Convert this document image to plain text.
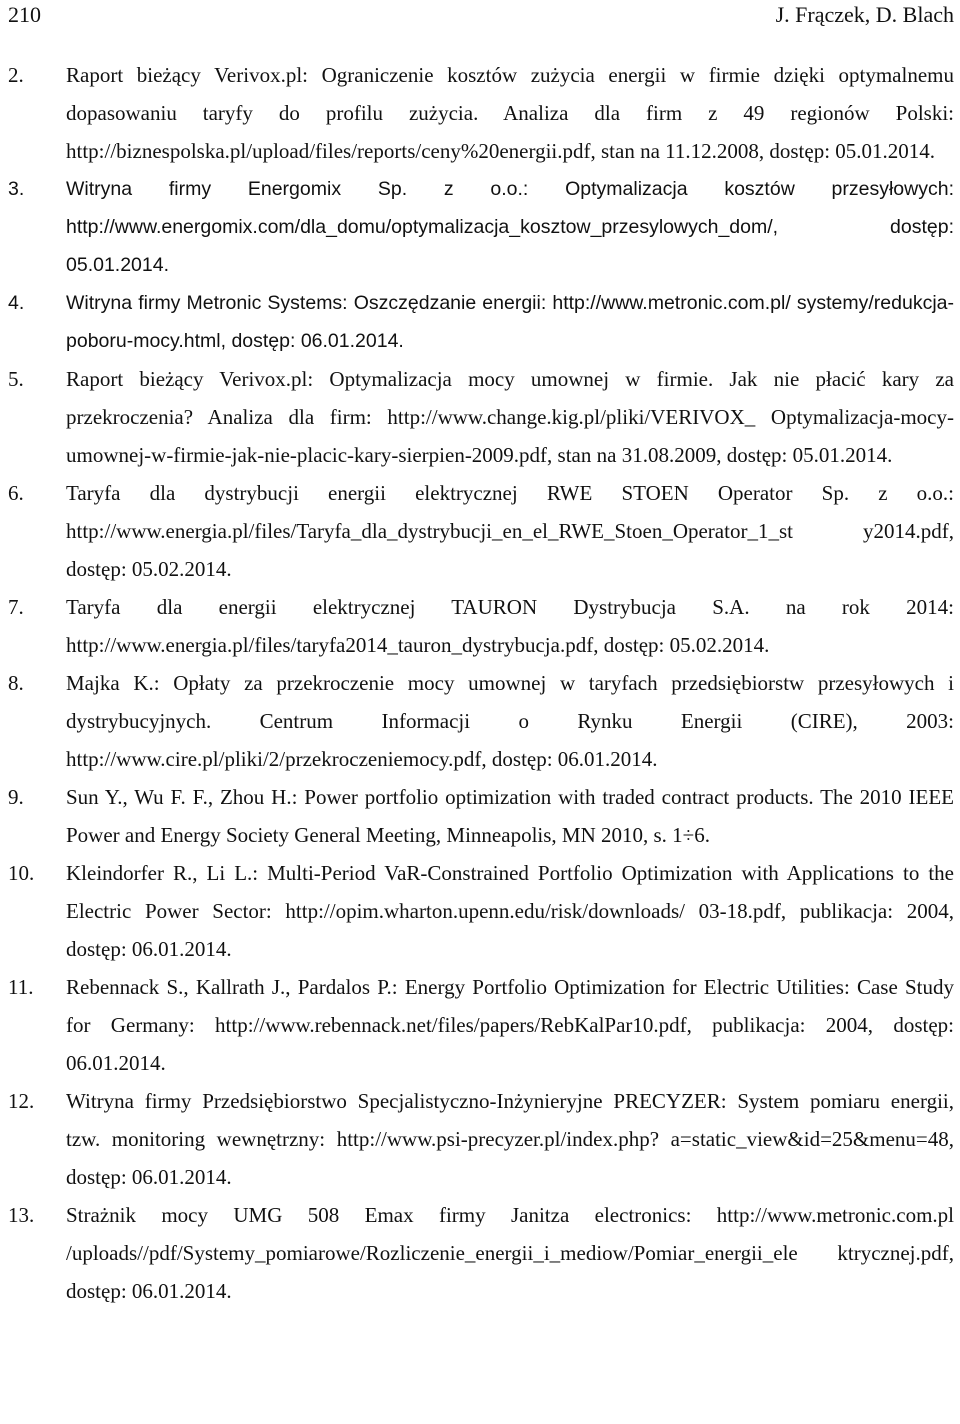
210	J. Frączek, D. Blach
2.	Raport bieżący Verivox.pl: Ograniczenie kosztów zużycia energii w firmie dzięki optymalnemu dopasowaniu taryfy do profilu zużycia. Analiza dla firm z 49 regionów Polski: http://biznespolska.pl/upload/files/reports/ceny%20energii.pdf, stan na 11.12.2008, dostęp: 05.01.2014.
3.	Witryna firmy Energomix Sp. z o.o.: Optymalizacja kosztów przesyłowych: http://www.energomix.com/dla_domu/optymalizacja_kosztow_przesylowych_dom/, dostęp: 05.01.2014.
4.	Witryna firmy Metronic Systems: Oszczędzanie energii: http://www.metronic.com.pl/ systemy/redukcja-poboru-mocy.html, dostęp: 06.01.2014.
5.	Raport bieżący Verivox.pl: Optymalizacja mocy umownej w firmie. Jak nie płacić kary za przekroczenia? Analiza dla firm: http://www.change.kig.pl/pliki/VERIVOX_ Optymalizacja-mocy-umownej-w-firmie-jak-nie-placic-kary-sierpien-2009.pdf, stan na 31.08.2009, dostęp: 05.01.2014.
6.	Taryfa dla dystrybucji energii elektrycznej RWE STOEN Operator Sp. z o.o.: http://www.energia.pl/files/Taryfa_dla_dystrybucji_en_el_RWE_Stoen_Operator_1_st y2014.pdf, dostęp: 05.02.2014.
7.	Taryfa dla energii elektrycznej TAURON Dystrybucja S.A. na rok 2014: http://www.energia.pl/files/taryfa2014_tauron_dystrybucja.pdf, dostęp: 05.02.2014.
8.	Majka K.: Opłaty za przekroczenie mocy umownej w taryfach przedsiębiorstw przesyłowych i dystrybucyjnych. Centrum Informacji o Rynku Energii (CIRE), 2003: http://www.cire.pl/pliki/2/przekroczeniemocy.pdf, dostęp: 06.01.2014.
9.	Sun Y., Wu F. F., Zhou H.: Power portfolio optimization with traded contract products. The 2010 IEEE Power and Energy Society General Meeting, Minneapolis, MN 2010, s. 1÷6.
10.	Kleindorfer R., Li L.: Multi-Period VaR-Constrained Portfolio Optimization with Applications to the Electric Power Sector: http://opim.wharton.upenn.edu/risk/downloads/ 03-18.pdf, publikacja: 2004, dostęp: 06.01.2014.
11.	Rebennack S., Kallrath J., Pardalos P.: Energy Portfolio Optimization for Electric Utilities: Case Study for Germany: http://www.rebennack.net/files/papers/RebKalPar10.pdf, publikacja: 2004, dostęp: 06.01.2014.
12.	Witryna firmy Przedsiębiorstwo Specjalistyczno-Inżynieryjne PRECYZER: System pomiaru energii, tzw. monitoring wewnętrzny: http://www.psi-precyzer.pl/index.php? a=static_view&id=25&menu=48, dostęp: 06.01.2014.
13.	Strażnik mocy UMG 508 Emax firmy Janitza electronics: http://www.metronic.com.pl /uploads//pdf/Systemy_pomiarowe/Rozliczenie_energii_i_mediow/Pomiar_energii_ele ktrycznej.pdf, dostęp: 06.01.2014.
